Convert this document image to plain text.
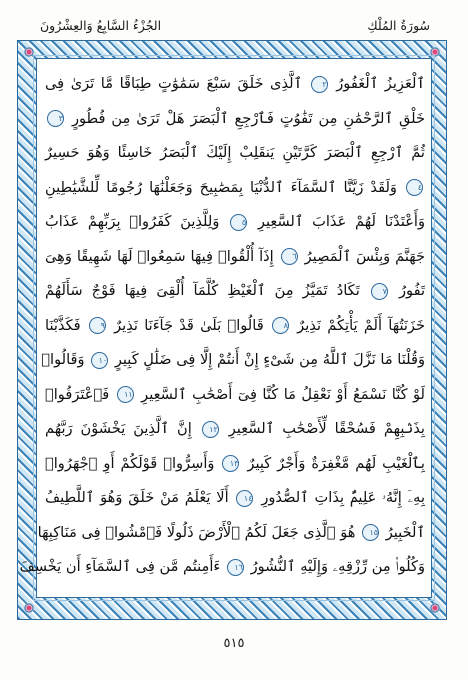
سُورَةُ المُلْكِ
الجُزْءُ السَّابِعُ وَالعِشْرُونَ
ٱلْعَزِيزُ ٱلْغَفُورُ ٢ ٱلَّذِى خَلَقَ سَبْعَ سَمَٰوَٰتٍ طِبَاقًا مَّا تَرَىٰ فِى
خَلْقِ ٱلرَّحْمَٰنِ مِن تَفَٰوُتٍ فَٱرْجِعِ ٱلْبَصَرَ هَلْ تَرَىٰ مِن فُطُورٍ ٣
ثُمَّ ٱرْجِعِ ٱلْبَصَرَ كَرَّتَيْنِ يَنقَلِبْ إِلَيْكَ ٱلْبَصَرُ خَاسِئًا وَهُوَ حَسِيرٌ
٤ وَلَقَدْ زَيَّنَّا ٱلسَّمَآءَ ٱلدُّنْيَا بِمَصَٰبِيحَ وَجَعَلْنَٰهَا رُجُومًا لِّلشَّيَٰطِينِ
وَأَعْتَدْنَا لَهُمْ عَذَابَ ٱلسَّعِيرِ ٥ وَلِلَّذِينَ كَفَرُوا۟ بِرَبِّهِمْ عَذَابُ
جَهَنَّمَ وَبِئْسَ ٱلْمَصِيرُ ٦ إِذَآ أُلْقُوا۟ فِيهَا سَمِعُوا۟ لَهَا شَهِيقًا وَهِىَ
تَفُورُ ٧ تَكَادُ تَمَيَّزُ مِنَ ٱلْغَيْظِ كُلَّمَآ أُلْقِىَ فِيهَا فَوْجٌ سَأَلَهُمْ
خَزَنَتُهَآ أَلَمْ يَأْتِكُمْ نَذِيرٌ ٨ قَالُوا۟ بَلَىٰ قَدْ جَآءَنَا نَذِيرٌ ٩ فَكَذَّبْنَا
وَقُلْنَا مَا نَزَّلَ ٱللَّهُ مِن شَىْءٍ إِنْ أَنتُمْ إِلَّا فِى ضَلَٰلٍ كَبِيرٍ ١٠ وَقَالُوا۟
لَوْ كُنَّا نَسْمَعُ أَوْ نَعْقِلُ مَا كُنَّا فِىٓ أَصْحَٰبِ ٱلسَّعِيرِ ١١ فَٱعْتَرَفُوا۟
بِذَنۢبِهِمْ فَسُحْقًا لِّأَصْحَٰبِ ٱلسَّعِيرِ ١٢ إِنَّ ٱلَّذِينَ يَخْشَوْنَ رَبَّهُم
بِٱلْغَيْبِ لَهُم مَّغْفِرَةٌ وَأَجْرٌ كَبِيرٌ ١٣ وَأَسِرُّوا۟ قَوْلَكُمْ أَوِ ٱجْهَرُوا۟
بِهِۦٓ إِنَّهُۥ عَلِيمٌۢ بِذَاتِ ٱلصُّدُورِ ١٤ أَلَا يَعْلَمُ مَنْ خَلَقَ وَهُوَ ٱللَّطِيفُ
ٱلْخَبِيرُ ١٥ هُوَ ٱلَّذِى جَعَلَ لَكُمُ ٱلْأَرْضَ ذَلُولًا فَٱمْشُوا۟ فِى مَنَاكِبِهَا
وَكُلُوا۟ مِن رِّزْقِهِۦ وَإِلَيْهِ ٱلنُّشُورُ ١٦ ءَأَمِنتُم مَّن فِى ٱلسَّمَآءِ أَن يَخْسِفَ
٥١٥
